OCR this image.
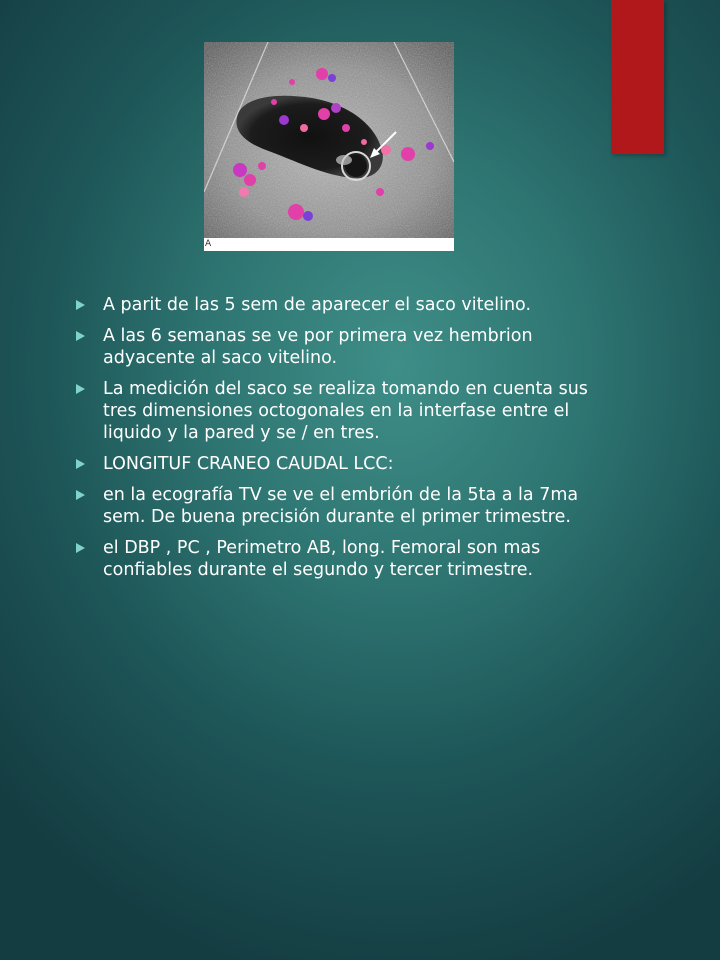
A
A parit de las 5 sem de aparecer el saco vitelino.
A las 6 semanas se ve por primera vez hembrion adyacente al saco vitelino.
La medición del saco se realiza tomando en cuenta sus tres dimensiones octogonales en la interfase entre el liquido y la pared y se / en tres.
LONGITUF CRANEO CAUDAL LCC:
en la ecografía TV se ve el embrión de la 5ta a la 7ma sem. De buena precisión durante el primer trimestre.
el DBP , PC , Perimetro AB, long. Femoral son mas confiables durante el segundo y tercer trimestre.
